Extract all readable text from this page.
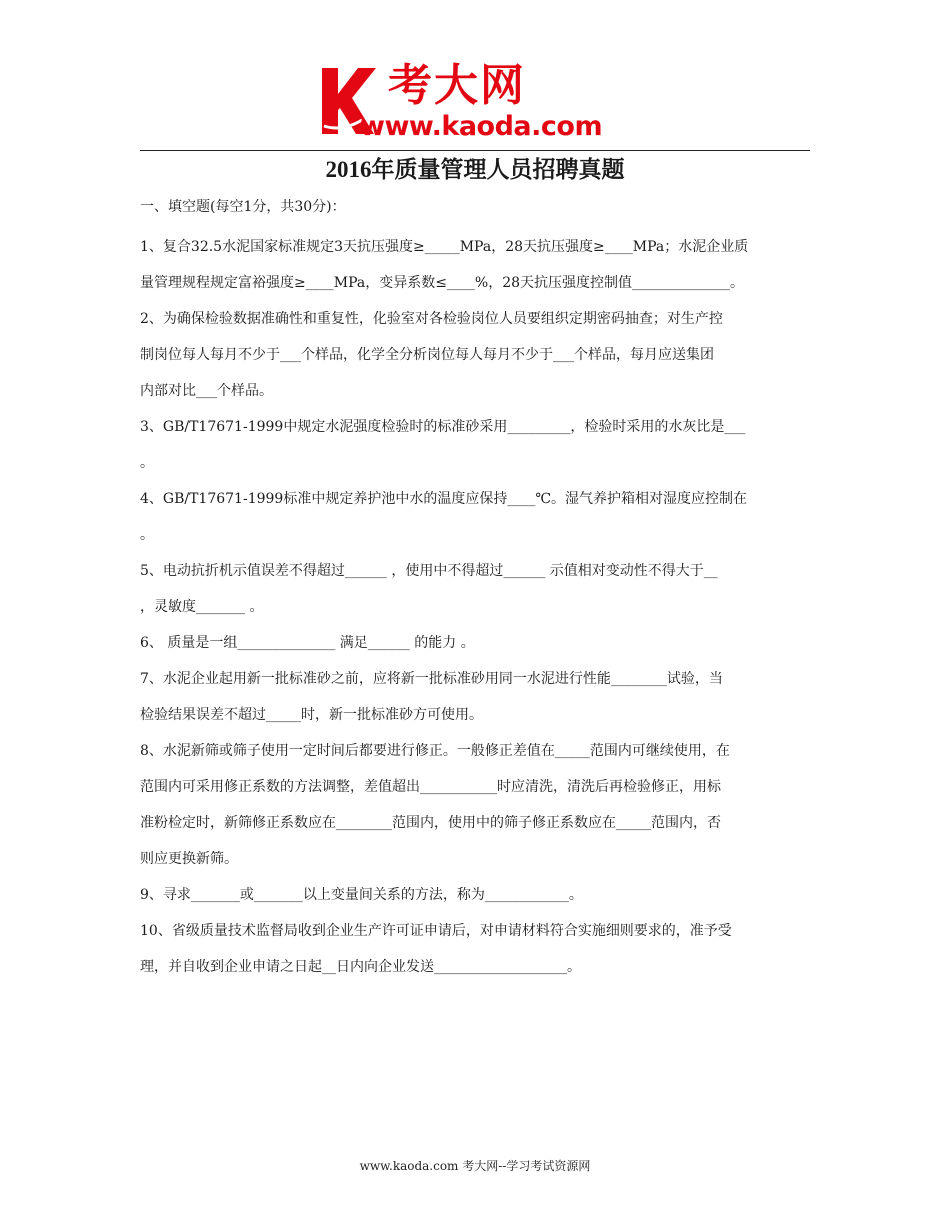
考大网
www.kaoda.com
2016年质量管理人员招聘真题
一、填空题(每空1分，共30分)：
1、复合32.5水泥国家标准规定3天抗压强度≥_____MPa，28天抗压强度≥____MPa；水泥企业质
量管理规程规定富裕强度≥____MPa，变异系数≤____%，28天抗压强度控制值______________。
2、为确保检验数据准确性和重复性，化验室对各检验岗位人员要组织定期密码抽查；对生产控
制岗位每人每月不少于___个样品，化学全分析岗位每人每月不少于___个样品，每月应送集团
内部对比___个样品。
3、GB/T17671-1999中规定水泥强度检验时的标准砂采用_________，检验时采用的水灰比是___
。
4、GB/T17671-1999标准中规定养护池中水的温度应保持____℃。湿气养护箱相对湿度应控制在
。
5、电动抗折机示值误差不得超过______ ，使用中不得超过______ 示值相对变动性不得大于__
，灵敏度_______ 。
6、 质量是一组______________ 满足______ 的能力 。
7、水泥企业起用新一批标准砂之前，应将新一批标准砂用同一水泥进行性能________试验，当
检验结果误差不超过_____时，新一批标准砂方可使用。
8、水泥新筛或筛子使用一定时间后都要进行修正。一般修正差值在_____范围内可继续使用，在
范围内可采用修正系数的方法调整，差值超出___________时应清洗，清洗后再检验修正，用标
准粉检定时，新筛修正系数应在________范围内，使用中的筛子修正系数应在_____范围内，否
则应更换新筛。
9、寻求_______或_______以上变量间关系的方法，称为____________。
10、省级质量技术监督局收到企业生产许可证申请后，对申请材料符合实施细则要求的，准予受
理，并自收到企业申请之日起__日内向企业发送___________________。
www.kaoda.com 考大网--学习考试资源网
